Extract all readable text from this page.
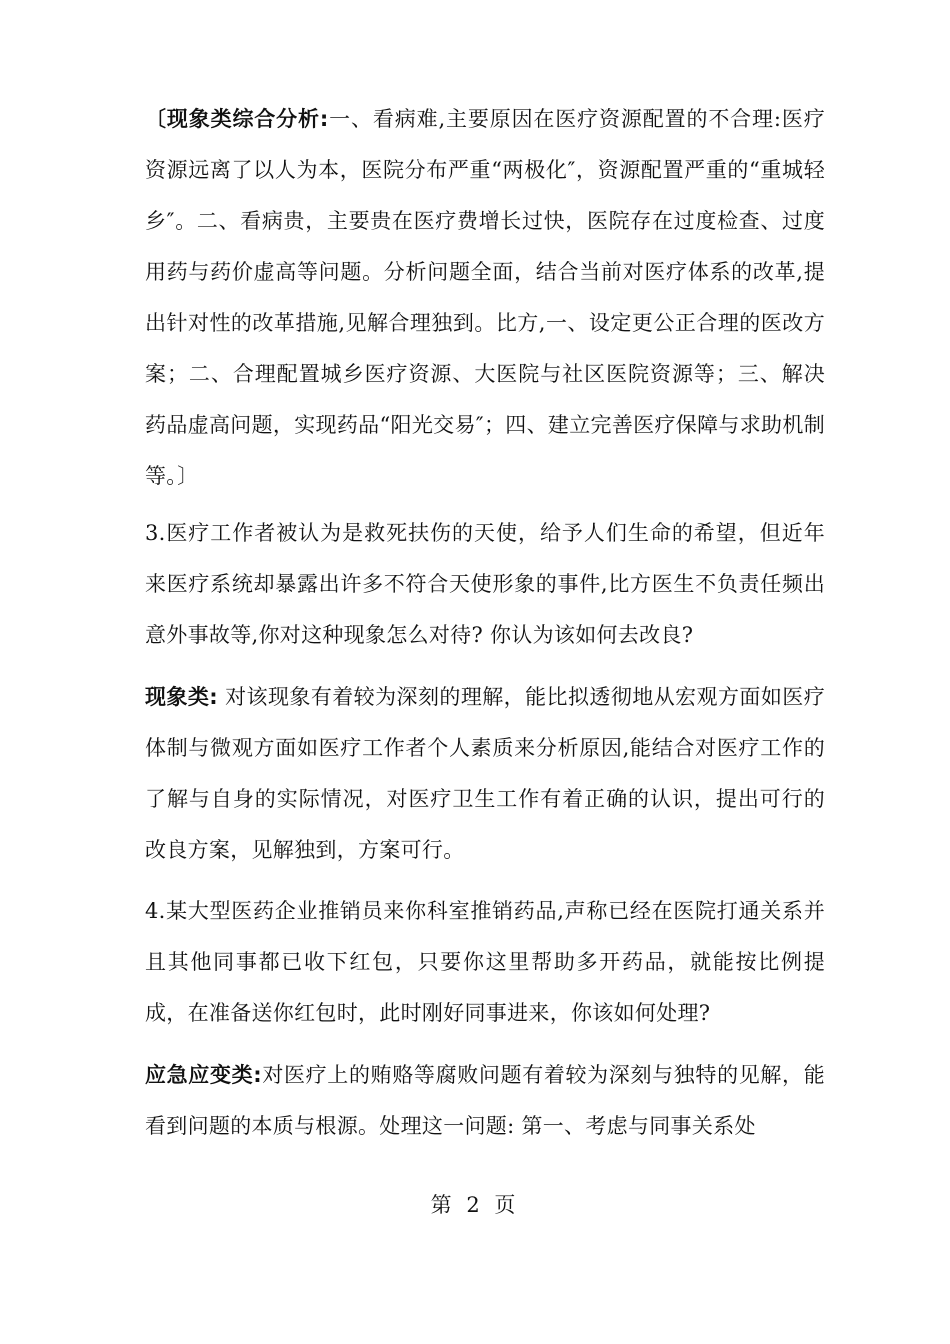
〔现象类综合分析:一、看病难,主要原因在医疗资源配置的不合理:医疗资源远离了以人为本，医院分布严重“两极化″，资源配置严重的“重城轻乡″。二、看病贵，主要贵在医疗费增长过快，医院存在过度检查、过度用药与药价虚高等问题。分析问题全面，结合当前对医疗体系的改革,提出针对性的改革措施,见解合理独到。比方,一、设定更公正合理的医改方案；二、合理配置城乡医疗资源、大医院与社区医院资源等；三、解决药品虚高问题，实现药品“阳光交易″；四、建立完善医疗保障与求助机制等。〕

3.医疗工作者被认为是救死扶伤的天使，给予人们生命的希望，但近年来医疗系统却暴露出许多不符合天使形象的事件,比方医生不负责任频出意外事故等,你对这种现象怎么对待? 你认为该如何去改良?

现象类: 对该现象有着较为深刻的理解，能比拟透彻地从宏观方面如医疗体制与微观方面如医疗工作者个人素质来分析原因,能结合对医疗工作的了解与自身的实际情况，对医疗卫生工作有着正确的认识，提出可行的改良方案，见解独到，方案可行。

4.某大型医药企业推销员来你科室推销药品,声称已经在医院打通关系并且其他同事都已收下红包，只要你这里帮助多开药品，就能按比例提成，在准备送你红包时，此时刚好同事进来，你该如何处理?

应急应变类:对医疗上的贿赂等腐败问题有着较为深刻与独特的见解，能看到问题的本质与根源。处理这一问题: 第一、考虑与同事关系处

第 2 页
